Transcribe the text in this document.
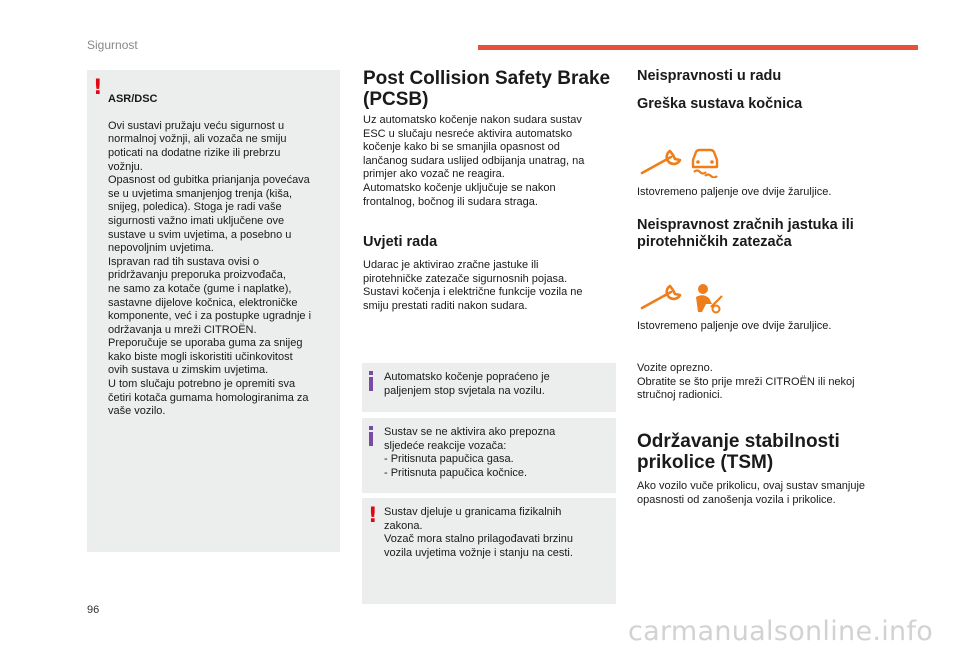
Sigurnost
! ASR/DSC

Ovi sustavi pružaju veću sigurnost u
normalnoj vožnji, ali vozača ne smiju
poticati na dodatne rizike ili prebrzu
vožnju.
Opasnost od gubitka prianjanja povećava
se u uvjetima smanjenjog trenja (kiša,
snijeg, poledica). Stoga je radi vaše
sigurnosti važno imati uključene ove
sustave u svim uvjetima, a posebno u
nepovoljnim uvjetima.
Ispravan rad tih sustava ovisi o
pridržavanju preporuka proizvođača,
ne samo za kotače (gume i naplatke),
sastavne dijelove kočnica, elektroničke
komponente, već i za postupke ugradnje i
održavanja u mreži CITROËN.
Preporučuje se uporaba guma za snijeg
kako biste mogli iskoristiti učinkovitost
ovih sustava u zimskim uvjetima.
U tom slučaju potrebno je opremiti sva
četiri kotača gumama homologiranima za
vaše vozilo.

Post Collision Safety Brake
(PCSB)
Uz automatsko kočenje nakon sudara sustav
ESC u slučaju nesreće aktivira automatsko
kočenje kako bi se smanjila opasnost od
lančanog sudara uslijed odbijanja unatrag, na
primjer ako vozač ne reagira.
Automatsko kočenje uključuje se nakon
frontalnog, bočnog ili sudara straga.
Uvjeti rada
Udarac je aktivirao zračne jastuke ili
pirotehničke zatezače sigurnosnih pojasa.
Sustavi kočenja i električne funkcije vozila ne
smiju prestati raditi nakon sudara.
Automatsko kočenje popraćeno je
paljenjem stop svjetala na vozilu.
Sustav se ne aktivira ako prepozna
sljedeće reakcije vozača:
- Pritisnuta papučica gasa.
- Pritisnuta papučica kočnice.
! Sustav djeluje u granicama fizikalnih
zakona.
Vozač mora stalno prilagođavati brzinu
vozila uvjetima vožnje i stanju na cesti.
Neispravnosti u radu
Greška sustava kočnica
Istovremeno paljenje ove dvije žaruljice.
Neispravnost zračnih jastuka ili
pirotehničkih zatezača
Istovremeno paljenje ove dvije žaruljice.
Vozite oprezno.
Obratite se što prije mreži CITROËN ili nekoj
stručnoj radionici.
Održavanje stabilnosti
prikolice (TSM)
Ako vozilo vuče prikolicu, ovaj sustav smanjuje
opasnosti od zanošenja vozila i prikolice.
96
carmanualsonline.info
